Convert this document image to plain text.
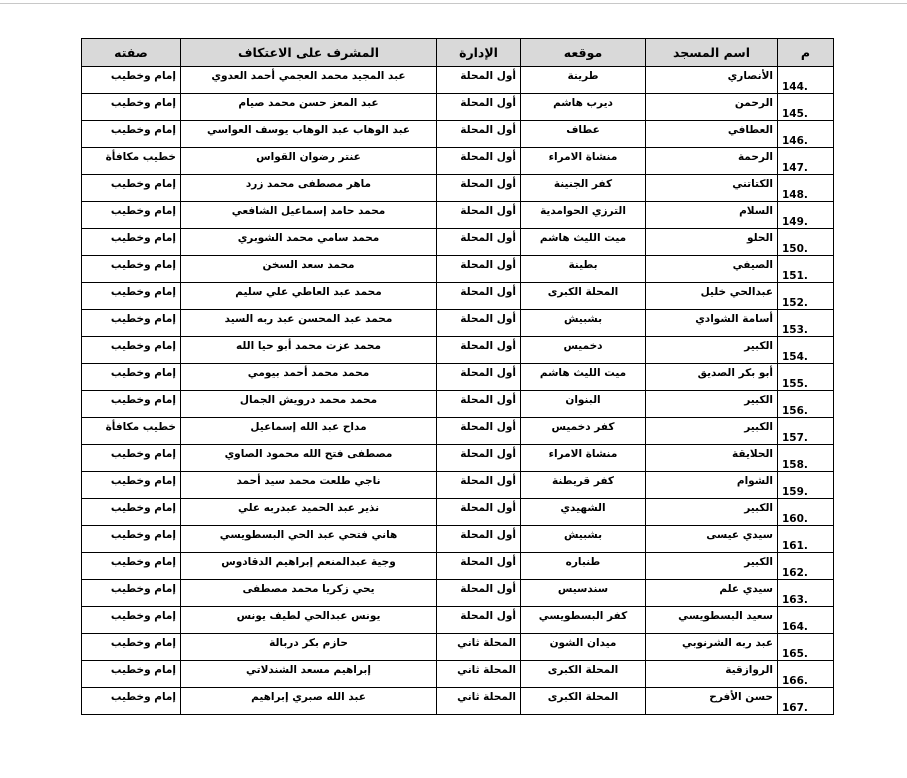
م	اسم المسجد	موقعه	الإدارة	المشرف على الاعتكاف	صفته
144.	الأنصاري	طرينة	أول المحلة	عبد المجيد محمد العجمي أحمد العدوي	إمام وخطيب
145.	الرحمن	ديرب هاشم	أول المحلة	عبد المعز حسن محمد صيام	إمام وخطيب
146.	العطافي	عطاف	أول المحلة	عبد الوهاب عبد الوهاب يوسف العواسي	إمام وخطيب
147.	الرحمة	منشاة الامراء	أول المحلة	عنتر رضوان القواس	خطيب مكافأة
148.	الكتاتني	كفر الجنينة	أول المحلة	ماهر مصطفى محمد زرد	إمام وخطيب
149.	السلام	الترزي الحوامدية	أول المحلة	محمد حامد إسماعيل الشافعي	إمام وخطيب
150.	الحلو	ميت الليث هاشم	أول المحلة	محمد سامي محمد الشوبري	إمام وخطيب
151.	الصيفي	بطينة	أول المحلة	محمد سعد السخن	إمام وخطيب
152.	عبدالحي خليل	المحلة الكبرى	أول المحلة	محمد عبد العاطي علي سليم	إمام وخطيب
153.	أسامة الشوادي	بشبيش	أول المحلة	محمد عبد المحسن عبد ربه السيد	إمام وخطيب
154.	الكبير	دخميس	أول المحلة	محمد عزت محمد أبو حيا الله	إمام وخطيب
155.	أبو بكر الصديق	ميت الليث هاشم	أول المحلة	محمد محمد أحمد بيومي	إمام وخطيب
156.	الكبير	البنوان	أول المحلة	محمد محمد درويش الجمال	إمام وخطيب
157.	الكبير	كفر دخميس	أول المحلة	مداح عبد الله إسماعيل	خطيب مكافأة
158.	الحلايقة	منشاة الامراء	أول المحلة	مصطفى فتح الله محمود الصاوي	إمام وخطيب
159.	الشوام	كفر قريطنة	أول المحلة	ناجي طلعت محمد سيد أحمد	إمام وخطيب
160.	الكبير	الشهيدي	أول المحلة	نذير عبد الحميد عبدربه علي	إمام وخطيب
161.	سيدي عيسى	بشبيش	أول المحلة	هاني فتحي عبد الحي البسطويسي	إمام وخطيب
162.	الكبير	طنباره	أول المحلة	وجية عبدالمنعم إبراهيم الدقادوس	إمام وخطيب
163.	سيدي علم	سندسيس	أول المحلة	يحي زكريا محمد مصطفى	إمام وخطيب
164.	سعيد البسطويسي	كفر البسطويسي	أول المحلة	يونس عبدالحي لطيف يونس	إمام وخطيب
165.	عبد ربه الشرنوبي	ميدان الشون	المحلة ثاني	حازم بكر دربالة	إمام وخطيب
166.	الروازقية	المحلة الكبرى	المحلة ثاني	إبراهيم مسعد الشندلاتي	إمام وخطيب
167.	حسن الأفرح	المحلة الكبرى	المحلة ثاني	عبد الله صبري إبراهيم	إمام وخطيب
